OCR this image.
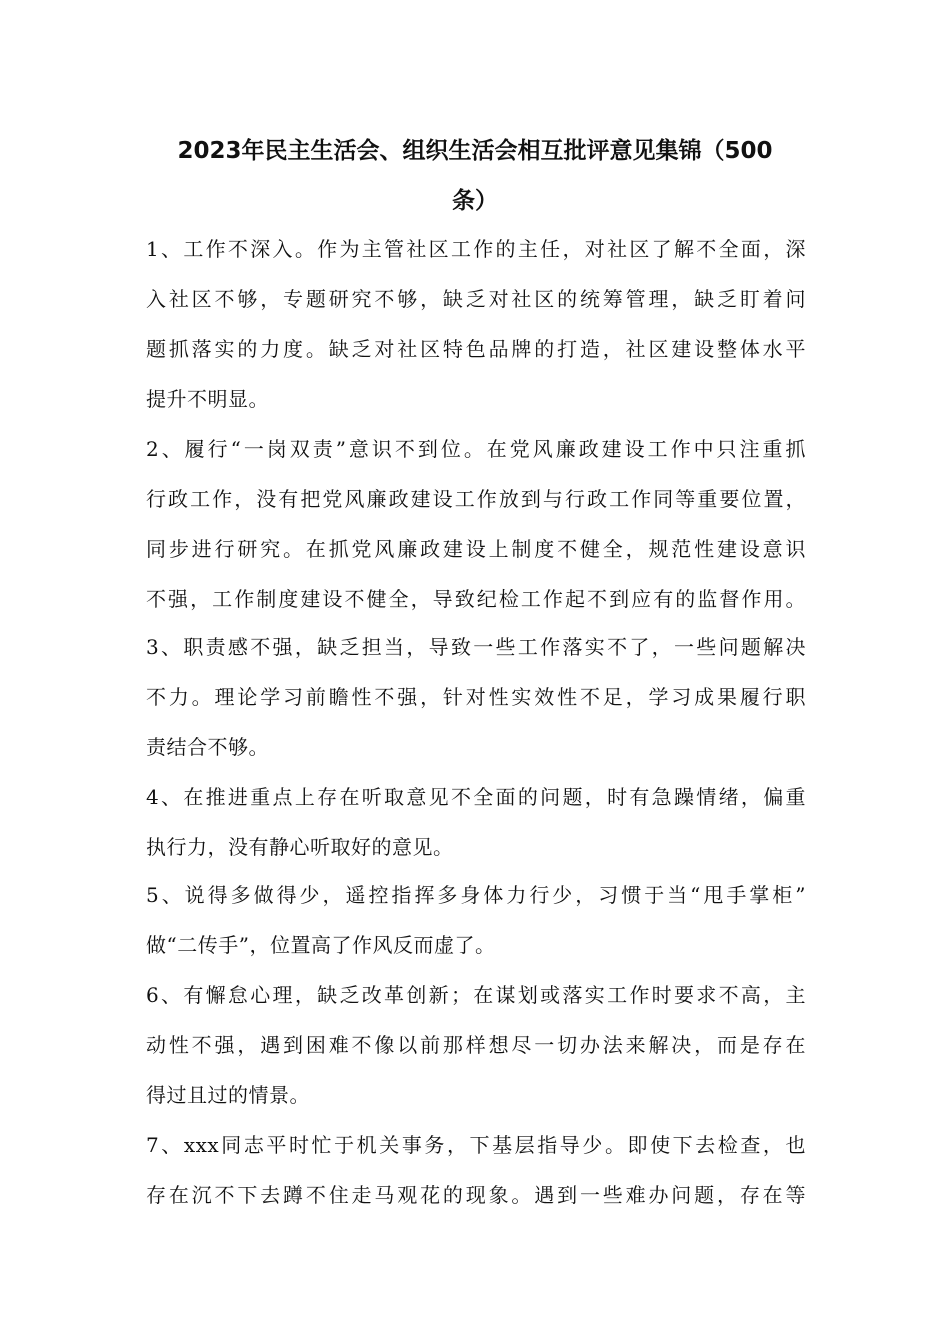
2023年民主生活会、组织生活会相互批评意见集锦（500
条）
1、工作不深入。作为主管社区工作的主任，对社区了解不全面，深
入社区不够，专题研究不够，缺乏对社区的统筹管理，缺乏盯着问
题抓落实的力度。缺乏对社区特色品牌的打造，社区建设整体水平
提升不明显。
2、履行“一岗双责”意识不到位。在党风廉政建设工作中只注重抓
行政工作，没有把党风廉政建设工作放到与行政工作同等重要位置，
同步进行研究。在抓党风廉政建设上制度不健全，规范性建设意识
不强，工作制度建设不健全，导致纪检工作起不到应有的监督作用。
3、职责感不强，缺乏担当，导致一些工作落实不了，一些问题解决
不力。理论学习前瞻性不强，针对性实效性不足，学习成果履行职
责结合不够。
4、在推进重点上存在听取意见不全面的问题，时有急躁情绪，偏重
执行力，没有静心听取好的意见。
5、说得多做得少，遥控指挥多身体力行少，习惯于当“甩手掌柜”
做“二传手”，位置高了作风反而虚了。
6、有懈怠心理，缺乏改革创新；在谋划或落实工作时要求不高，主
动性不强，遇到困难不像以前那样想尽一切办法来解决，而是存在
得过且过的情景。
7、xxx同志平时忙于机关事务，下基层指导少。即使下去检查，也
存在沉不下去蹲不住走马观花的现象。遇到一些难办问题，存在等
